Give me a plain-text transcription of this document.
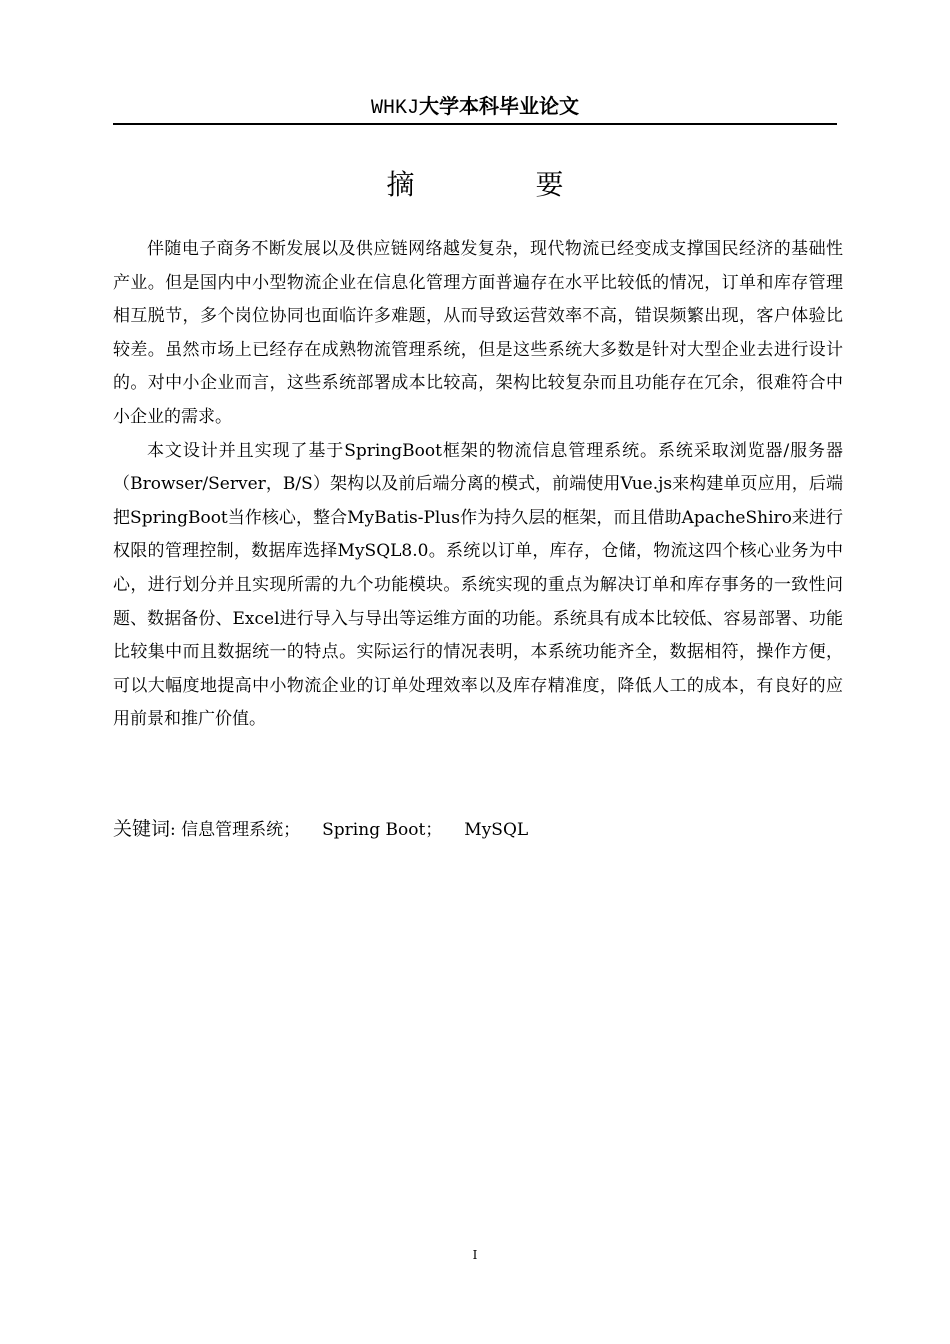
WHKJ大学本科毕业论文
摘 要

伴随电子商务不断发展以及供应链网络越发复杂，现代物流已经变成支撑国民经济的基础性产业。但是国内中小型物流企业在信息化管理方面普遍存在水平比较低的情况，订单和库存管理相互脱节，多个岗位协同也面临许多难题，从而导致运营效率不高，错误频繁出现，客户体验比较差。虽然市场上已经存在成熟物流管理系统，但是这些系统大多数是针对大型企业去进行设计的。对中小企业而言，这些系统部署成本比较高，架构比较复杂而且功能存在冗余，很难符合中小企业的需求。

本文设计并且实现了基于SpringBoot框架的物流信息管理系统。系统采取浏览器/服务器（Browser/Server，B/S）架构以及前后端分离的模式，前端使用Vue.js来构建单页应用，后端把SpringBoot当作核心，整合MyBatis-Plus作为持久层的框架，而且借助ApacheShiro来进行权限的管理控制，数据库选择MySQL8.0。系统以订单，库存，仓储，物流这四个核心业务为中心，进行划分并且实现所需的九个功能模块。系统实现的重点为解决订单和库存事务的一致性问题、数据备份、Excel进行导入与导出等运维方面的功能。系统具有成本比较低、容易部署、功能比较集中而且数据统一的特点。实际运行的情况表明，本系统功能齐全，数据相符，操作方便，可以大幅度地提高中小物流企业的订单处理效率以及库存精准度，降低人工的成本，有良好的应用前景和推广价值。

关键词: 信息管理系统； Spring Boot； MySQL
I
